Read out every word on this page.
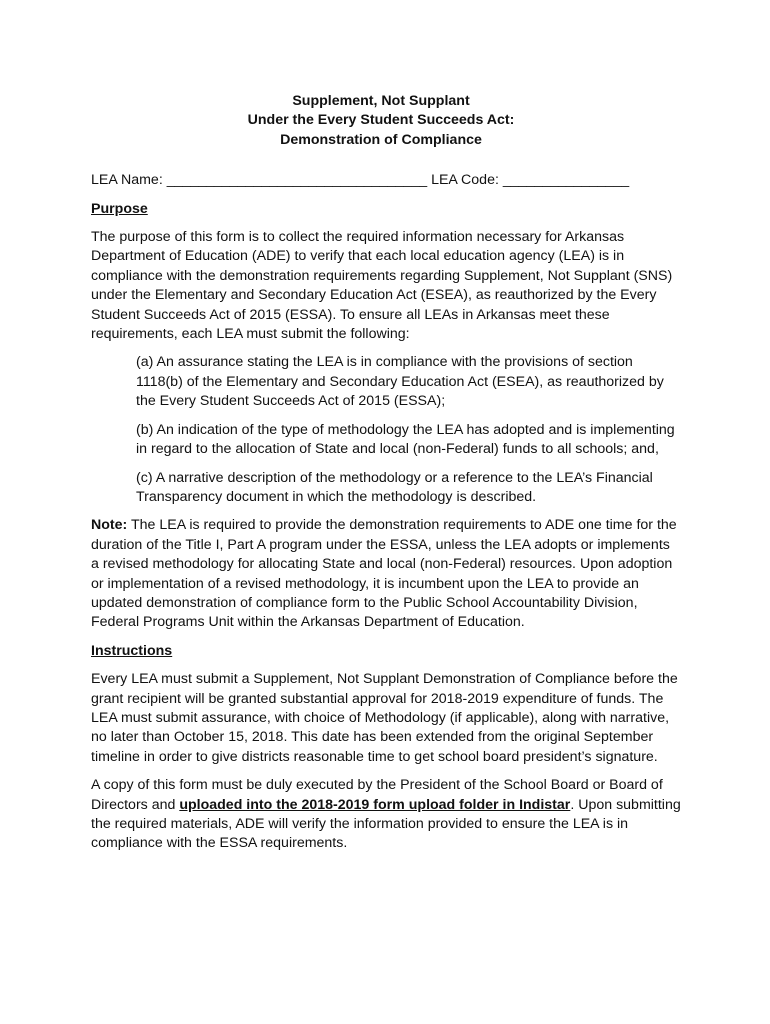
Supplement, Not Supplant
Under the Every Student Succeeds Act:
Demonstration of Compliance
LEA Name: _________________________________ LEA Code: ________________
Purpose

The purpose of this form is to collect the required information necessary for Arkansas Department of Education (ADE) to verify that each local education agency (LEA) is in compliance with the demonstration requirements regarding Supplement, Not Supplant (SNS) under the Elementary and Secondary Education Act (ESEA), as reauthorized by the Every Student Succeeds Act of 2015 (ESSA). To ensure all LEAs in Arkansas meet these requirements, each LEA must submit the following:

(a) An assurance stating the LEA is in compliance with the provisions of section 1118(b) of the Elementary and Secondary Education Act (ESEA), as reauthorized by the Every Student Succeeds Act of 2015 (ESSA);

(b) An indication of the type of methodology the LEA has adopted and is implementing in regard to the allocation of State and local (non-Federal) funds to all schools; and,

(c) A narrative description of the methodology or a reference to the LEA’s Financial Transparency document in which the methodology is described.

Note: The LEA is required to provide the demonstration requirements to ADE one time for the duration of the Title I, Part A program under the ESSA, unless the LEA adopts or implements a revised methodology for allocating State and local (non-Federal) resources. Upon adoption or implementation of a revised methodology, it is incumbent upon the LEA to provide an updated demonstration of compliance form to the Public School Accountability Division, Federal Programs Unit within the Arkansas Department of Education.

Instructions

Every LEA must submit a Supplement, Not Supplant Demonstration of Compliance before the grant recipient will be granted substantial approval for 2018-2019 expenditure of funds. The LEA must submit assurance, with choice of Methodology (if applicable), along with narrative, no later than October 15, 2018. This date has been extended from the original September timeline in order to give districts reasonable time to get school board president’s signature.

A copy of this form must be duly executed by the President of the School Board or Board of Directors and uploaded into the 2018-2019 form upload folder in Indistar. Upon submitting the required materials, ADE will verify the information provided to ensure the LEA is in compliance with the ESSA requirements.
